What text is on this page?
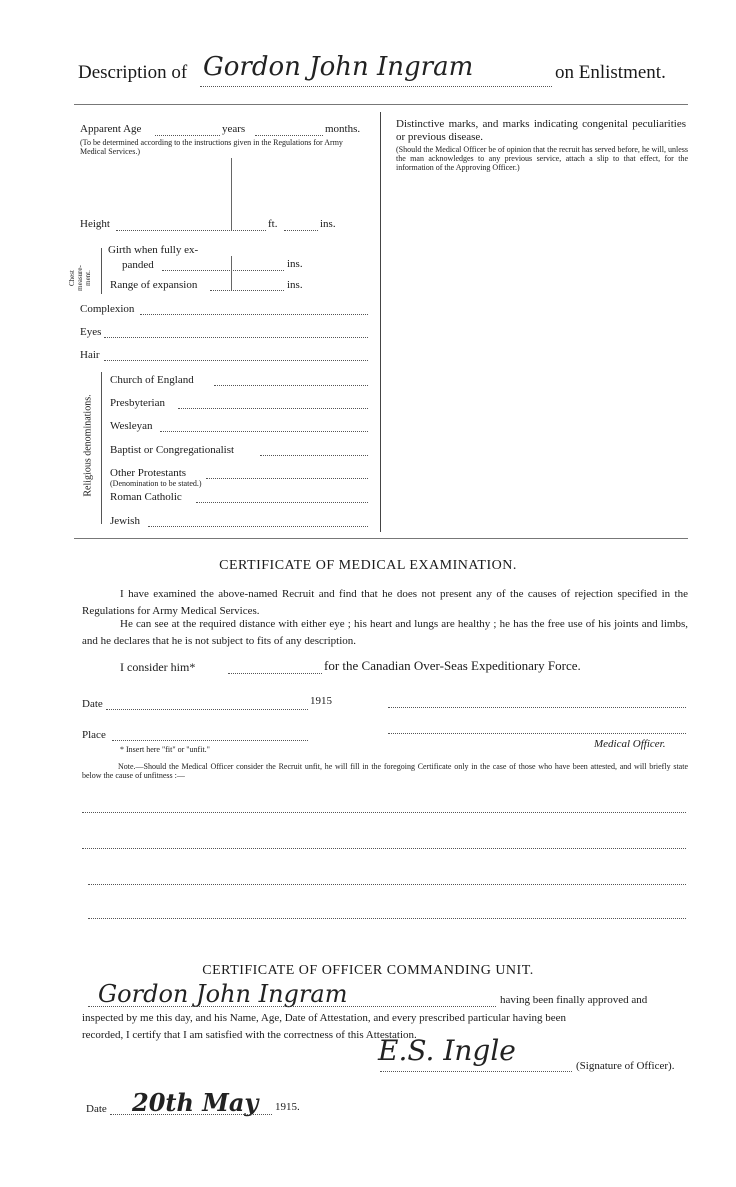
Description of Gordon John Ingram	on Enlistment.
Apparent Age	years	months.
(To be determined according to the instructions given in the Regulations for Army Medical Services.)
Height	ft.	ins.
Chest measure-ment.
Girth when fully ex-
panded	ins.
Range of expansion	ins.
Complexion
Eyes
Hair
Religious denominations.
Church of England
Presbyterian
Wesleyan
Baptist or Congregationalist
Other Protestants
(Denomination to be stated.)
Roman Catholic
Jewish
Distinctive marks, and marks indicating congenital peculiarities or previous disease.
(Should the Medical Officer be of opinion that the recruit has served before, he will, unless the man acknowledges to any previous service, attach a slip to that effect, for the information of the Approving Officer.)
CERTIFICATE OF MEDICAL EXAMINATION.
I have examined the above-named Recruit and find that he does not present any of the causes of rejection specified in the Regulations for Army Medical Services.
He can see at the required distance with either eye ; his heart and lungs are healthy ; he has the free use of his joints and limbs, and he declares that he is not subject to fits of any description.
I consider him*	for the Canadian Over-Seas Expeditionary Force.
Date	1915
Place
* Insert here "fit" or "unfit."	Medical Officer.
Note.—Should the Medical Officer consider the Recruit unfit, he will fill in the foregoing Certificate only in the case of those who have been attested, and will briefly state below the cause of unfitness :—
CERTIFICATE OF OFFICER COMMANDING UNIT.
Gordon John Ingram	having been finally approved and
inspected by me this day, and his Name, Age, Date of Attestation, and every prescribed particular having been
recorded, I certify that I am satisfied with the correctness of this Attestation.
E.S. Ingle	(Signature of Officer).
Date 20th May 1915.
